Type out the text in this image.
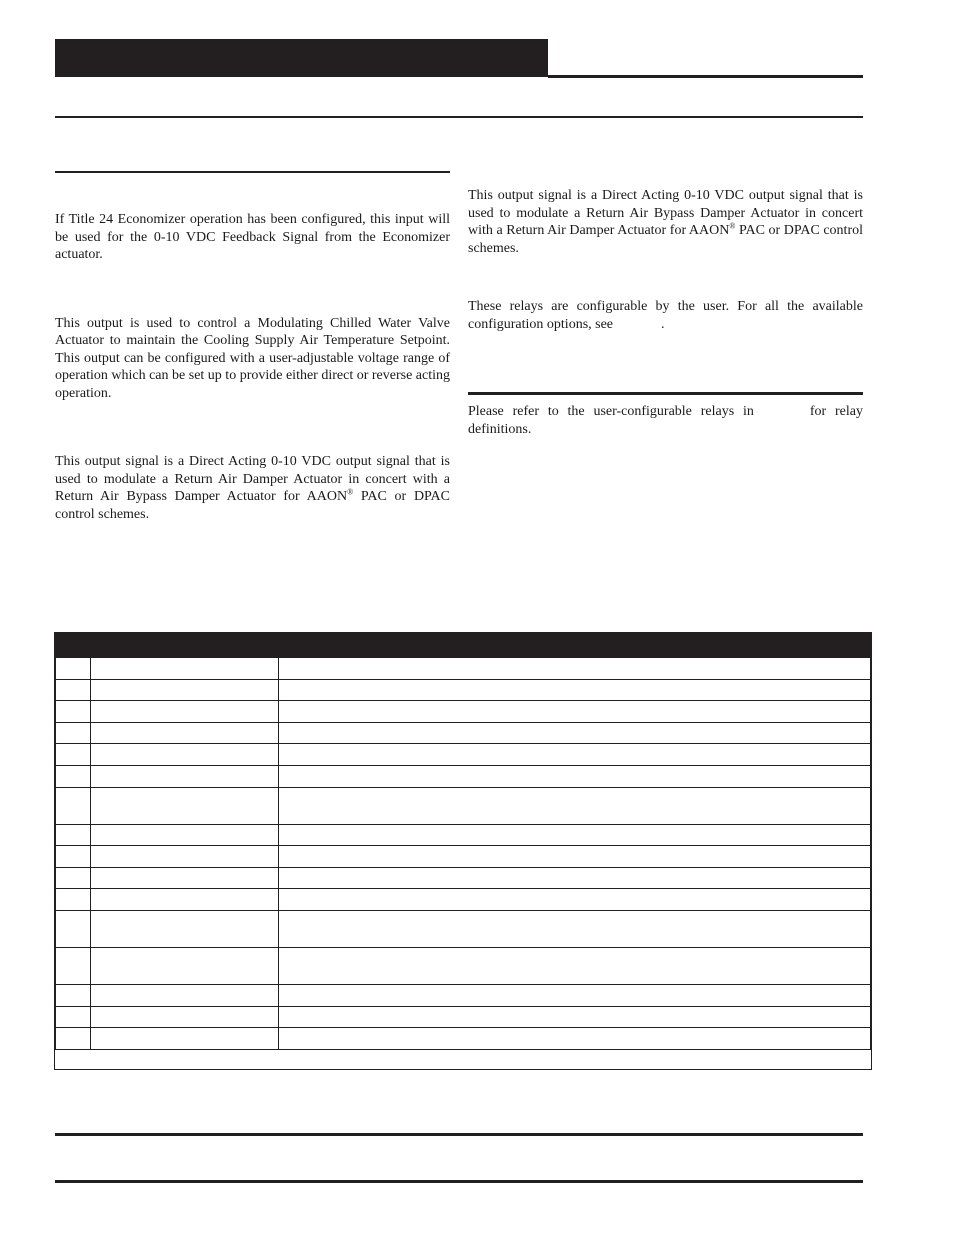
If Title 24 Economizer operation has been configured, this input will be used for the 0-10 VDC Feedback Signal from the Economizer actuator.

This output is used to control a Modulating Chilled Water Valve Actuator to maintain the Cooling Supply Air Temperature Setpoint. This output can be configured with a user-adjustable voltage range of operation which can be set up to provide either direct or reverse acting operation.

This output signal is a Direct Acting 0-10 VDC output signal that is used to modulate a Return Air Damper Actuator in concert with a Return Air Bypass Damper Actuator for AAON® PAC or DPAC control schemes.

This output signal is a Direct Acting 0-10 VDC output signal that is used to modulate a Return Air Bypass Damper Actuator in concert with a Return Air Damper Actuator for AAON® PAC or DPAC control schemes.

These relays are configurable by the user. For all the available configuration options, see	.

Please refer to the user-configurable relays in	for relay definitions.
